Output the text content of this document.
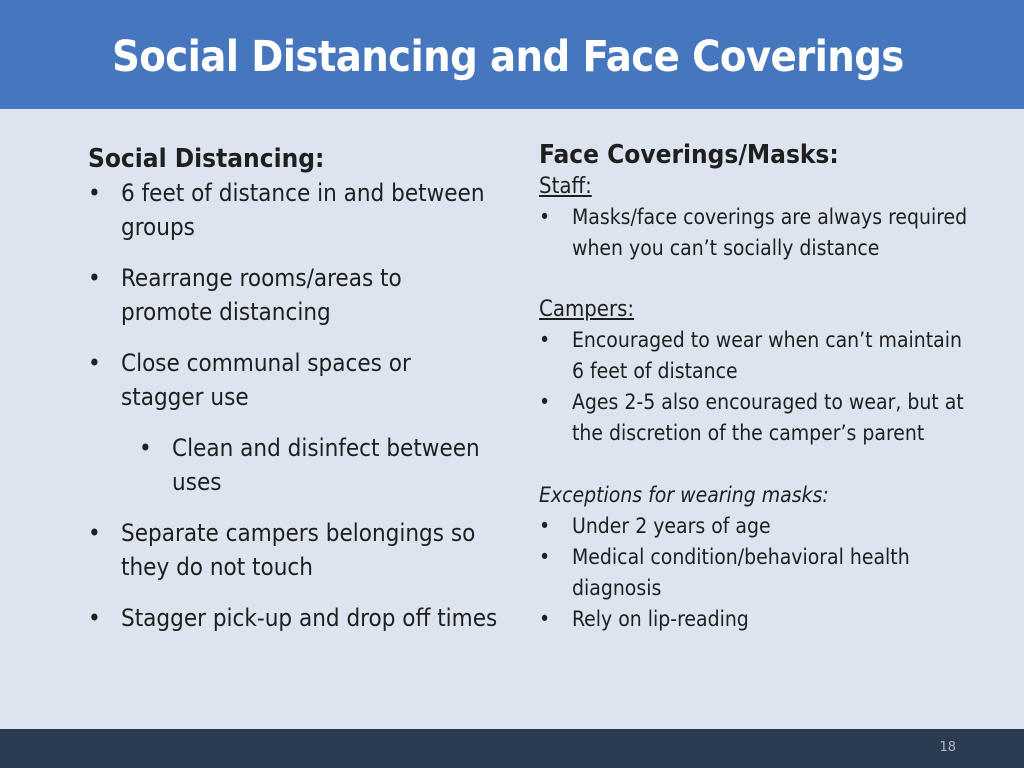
Social Distancing and Face Coverings

Social Distancing:

• 6 feet of distance in and between groups
• Rearrange rooms/areas to promote distancing
• Close communal spaces or stagger use
• Clean and disinfect between uses
• Separate campers belongings so they do not touch
• Stagger pick-up and drop off times

Face Coverings/Masks:

Staff:

• Masks/face coverings are always required when you can’t socially distance

Campers:

• Encouraged to wear when can’t maintain 6 feet of distance
• Ages 2-5 also encouraged to wear, but at the discretion of the camper’s parent

Exceptions for wearing masks:

• Under 2 years of age
• Medical condition/behavioral health diagnosis
• Rely on lip-reading
18
